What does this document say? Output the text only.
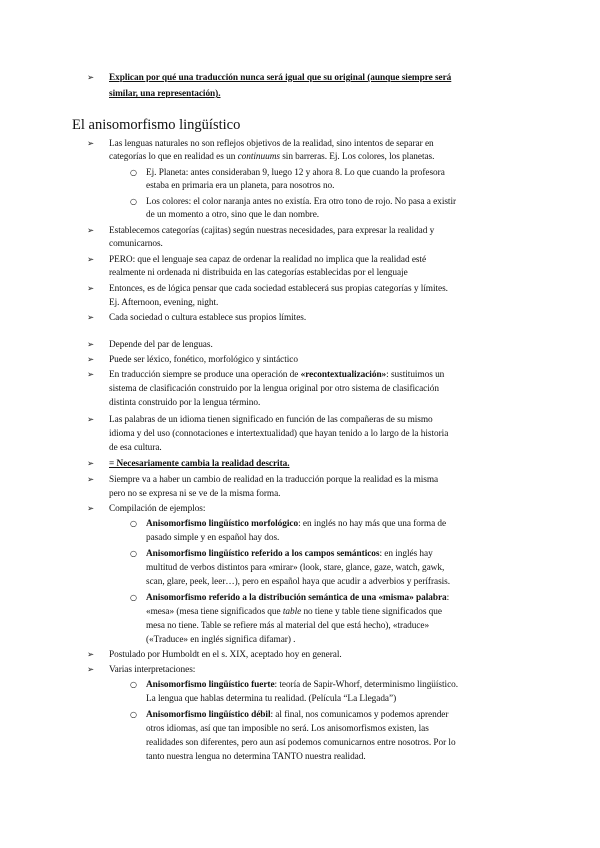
➢ Explican por qué una traducción nunca será igual que su original (aunque siempre será
similar, una representación).
El anisomorfismo lingüístico
➢ Las lenguas naturales no son reflejos objetivos de la realidad, sino intentos de separar en
categorías lo que en realidad es un continuums sin barreras. Ej. Los colores, los planetas.
○ Ej. Planeta: antes consideraban 9, luego 12 y ahora 8. Lo que cuando la profesora
estaba en primaria era un planeta, para nosotros no.
○ Los colores: el color naranja antes no existía. Era otro tono de rojo. No pasa a existir
de un momento a otro, sino que le dan nombre.
➢ Establecemos categorías (cajitas) según nuestras necesidades, para expresar la realidad y
comunicarnos.
➢ PERO: que el lenguaje sea capaz de ordenar la realidad no implica que la realidad esté
realmente ni ordenada ni distribuida en las categorías establecidas por el lenguaje
➢ Entonces, es de lógica pensar que cada sociedad establecerá sus propias categorías y límites.
Ej. Afternoon, evening, night.
➢ Cada sociedad o cultura establece sus propios límites.
➢ Depende del par de lenguas.
➢ Puede ser léxico, fonético, morfológico y sintáctico
➢ En traducción siempre se produce una operación de «recontextualización»: sustituimos un
sistema de clasificación construido por la lengua original por otro sistema de clasificación
distinta construido por la lengua término.
➢ Las palabras de un idioma tienen significado en función de las compañeras de su mismo
idioma y del uso (connotaciones e intertextualidad) que hayan tenido a lo largo de la historia
de esa cultura.
➢ = Necesariamente cambia la realidad descrita.
➢ Siempre va a haber un cambio de realidad en la traducción porque la realidad es la misma
pero no se expresa ni se ve de la misma forma.
➢ Compilación de ejemplos:
○ Anisomorfismo lingüístico morfológico: en inglés no hay más que una forma de
pasado simple y en español hay dos.
○ Anisomorfismo lingüístico referido a los campos semánticos: en inglés hay
multitud de verbos distintos para «mirar» (look, stare, glance, gaze, watch, gawk,
scan, glare, peek, leer…), pero en español haya que acudir a adverbios y perífrasis.
○ Anisomorfismo referido a la distribución semántica de una «misma» palabra:
«mesa» (mesa tiene significados que table no tiene y table tiene significados que
mesa no tiene. Table se refiere más al material del que está hecho), «traduce»
(«Traduce» en inglés significa difamar) .
➢ Postulado por Humboldt en el s. XIX, aceptado hoy en general.
➢ Varias interpretaciones:
○ Anisomorfismo lingüístico fuerte: teoría de Sapir-Whorf, determinismo lingüístico.
La lengua que hablas determina tu realidad. (Película “La Llegada”)
○ Anisomorfismo lingüístico débil: al final, nos comunicamos y podemos aprender
otros idiomas, así que tan imposible no será. Los anisomorfismos existen, las
realidades son diferentes, pero aun así podemos comunicarnos entre nosotros. Por lo
tanto nuestra lengua no determina TANTO nuestra realidad.
